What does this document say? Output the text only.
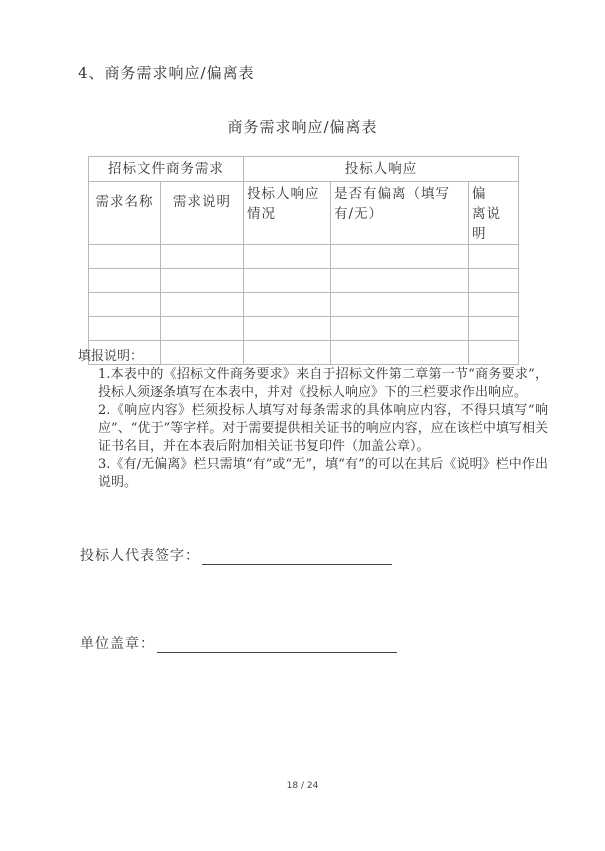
4、商务需求响应/偏离表
商务需求响应/偏离表
招标文件商务需求		投标人响应		
需求名称	需求说明	投标人响应情况	是否有偏离（填写有/无）	偏　离说明

填报说明：

1.本表中的《招标文件商务要求》来自于招标文件第二章第一节“商务要求”，投标人须逐条填写在本表中，并对《投标人响应》下的三栏要求作出响应。

2.《响应内容》栏须投标人填写对每条需求的具体响应内容，不得只填写“响应”、“优于”等字样。对于需要提供相关证书的响应内容，应在该栏中填写相关证书名目，并在本表后附加相关证书复印件（加盖公章）。

3.《有/无偏离》栏只需填“有”或“无”，填“有”的可以在其后《说明》栏中作出说明。

投标人代表签字：
单位盖章：
18 / 24
